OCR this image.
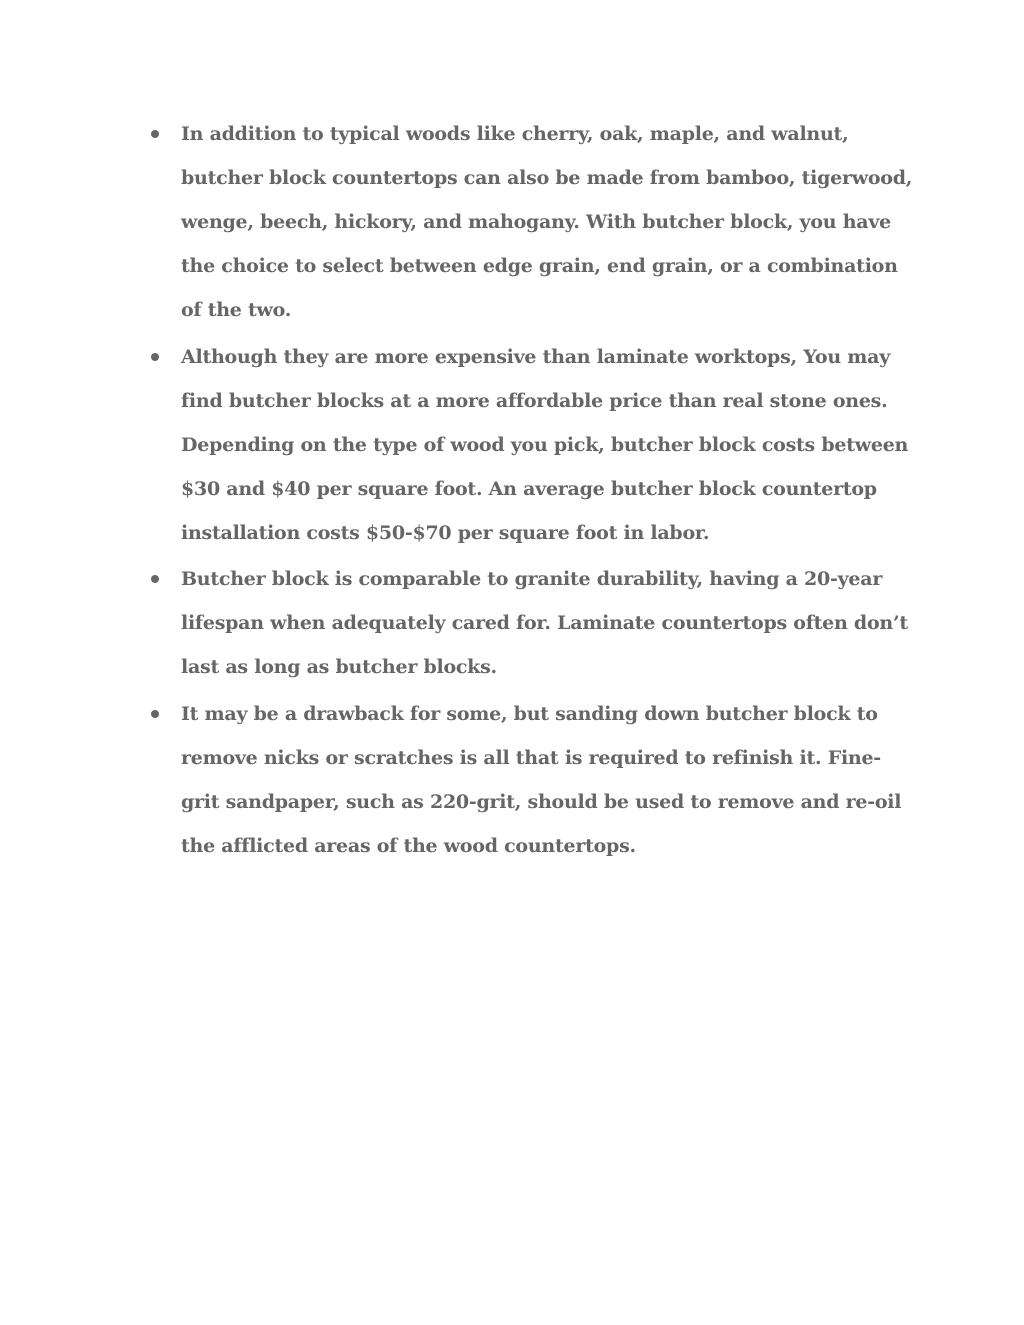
In addition to typical woods like cherry, oak, maple, and walnut, butcher block countertops can also be made from bamboo, tigerwood, wenge, beech, hickory, and mahogany. With butcher block, you have the choice to select between edge grain, end grain, or a combination of the two.
Although they are more expensive than laminate worktops, You may find butcher blocks at a more affordable price than real stone ones. Depending on the type of wood you pick, butcher block costs between $30 and $40 per square foot. An average butcher block countertop installation costs $50-$70 per square foot in labor.
Butcher block is comparable to granite durability, having a 20-year lifespan when adequately cared for. Laminate countertops often don’t last as long as butcher blocks.
It may be a drawback for some, but sanding down butcher block to remove nicks or scratches is all that is required to refinish it. Fine-grit sandpaper, such as 220-grit, should be used to remove and re-oil the afflicted areas of the wood countertops.
